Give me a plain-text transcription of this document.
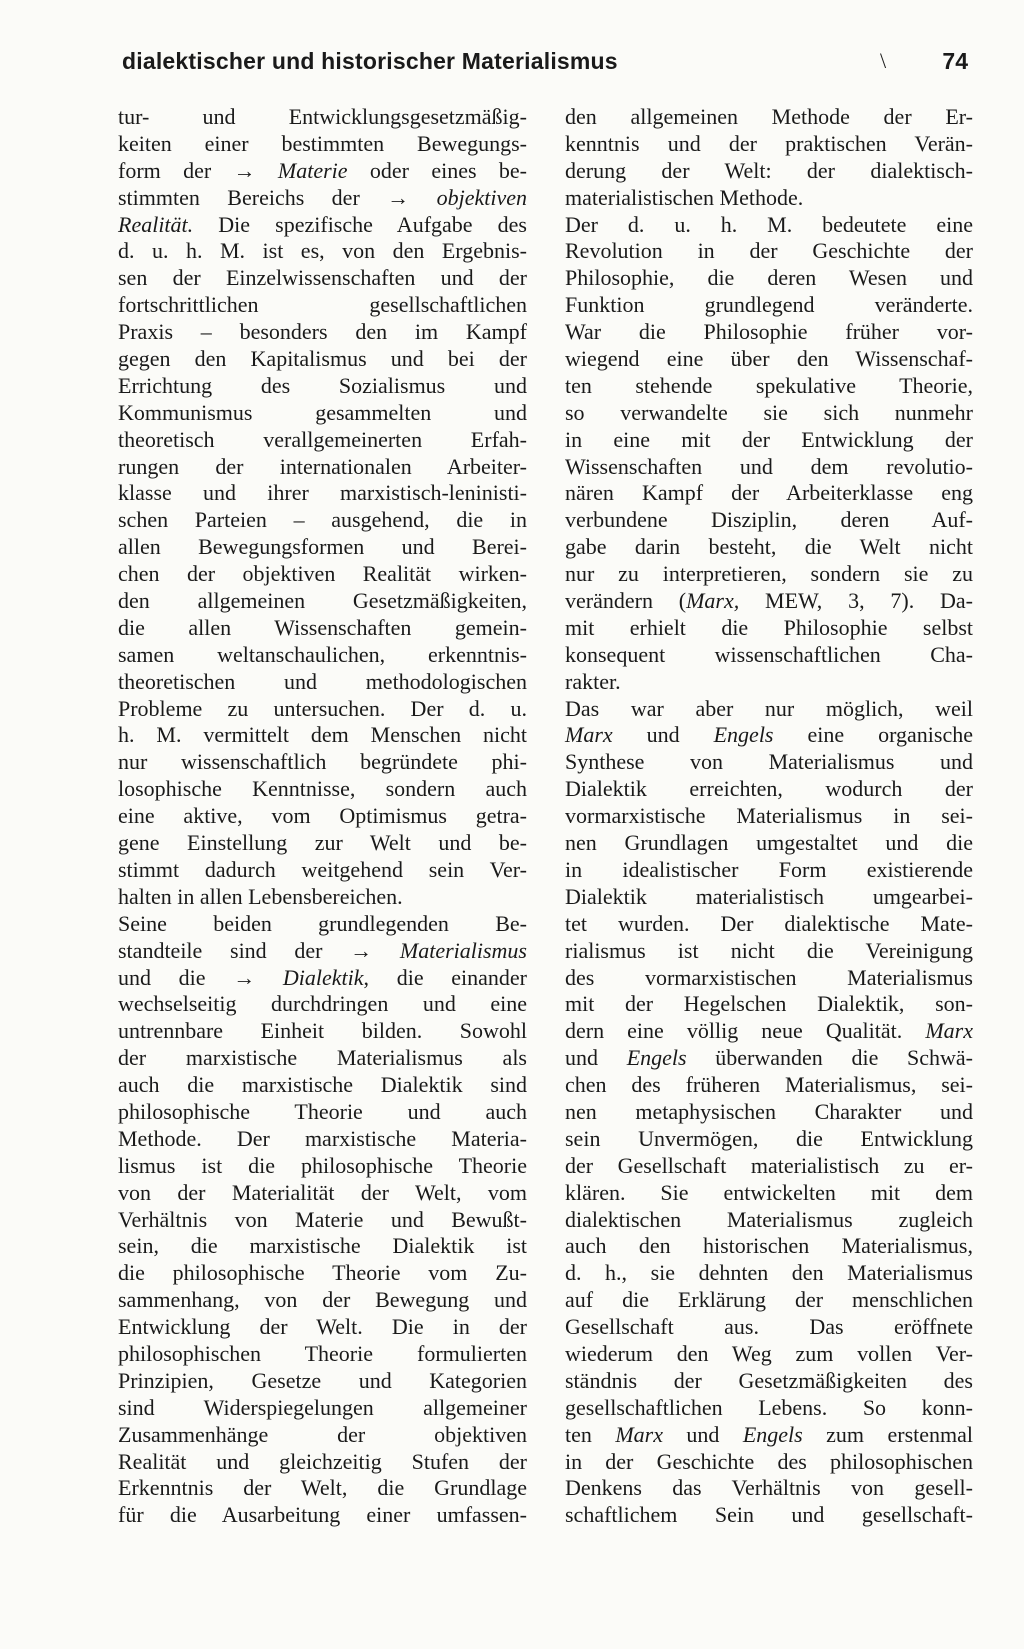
dialektischer und historischer Materialismus	\ 74
tur- und Entwicklungsgesetzmäßig-
keiten einer bestimmten Bewegungs-
form der → Materie oder eines be-
stimmten Bereichs der → objektiven
Realität. Die spezifische Aufgabe des
d. u. h. M. ist es, von den Ergebnis-
sen der Einzelwissenschaften und der
fortschrittlichen gesellschaftlichen
Praxis – besonders den im Kampf
gegen den Kapitalismus und bei der
Errichtung des Sozialismus und
Kommunismus gesammelten und
theoretisch verallgemeinerten Erfah-
rungen der internationalen Arbeiter-
klasse und ihrer marxistisch-leninisti-
schen Parteien – ausgehend, die in
allen Bewegungsformen und Berei-
chen der objektiven Realität wirken-
den allgemeinen Gesetzmäßigkeiten,
die allen Wissenschaften gemein-
samen weltanschaulichen, erkenntnis-
theoretischen und methodologischen
Probleme zu untersuchen. Der d. u.
h. M. vermittelt dem Menschen nicht
nur wissenschaftlich begründete phi-
losophische Kenntnisse, sondern auch
eine aktive, vom Optimismus getra-
gene Einstellung zur Welt und be-
stimmt dadurch weitgehend sein Ver-
halten in allen Lebensbereichen.
Seine beiden grundlegenden Be-
standteile sind der → Materialismus
und die → Dialektik, die einander
wechselseitig durchdringen und eine
untrennbare Einheit bilden. Sowohl
der marxistische Materialismus als
auch die marxistische Dialektik sind
philosophische Theorie und auch
Methode. Der marxistische Materia-
lismus ist die philosophische Theorie
von der Materialität der Welt, vom
Verhältnis von Materie und Bewußt-
sein, die marxistische Dialektik ist
die philosophische Theorie vom Zu-
sammenhang, von der Bewegung und
Entwicklung der Welt. Die in der
philosophischen Theorie formulierten
Prinzipien, Gesetze und Kategorien
sind Widerspiegelungen allgemeiner
Zusammenhänge der objektiven
Realität und gleichzeitig Stufen der
Erkenntnis der Welt, die Grundlage
für die Ausarbeitung einer umfassen-
den allgemeinen Methode der Er-
kenntnis und der praktischen Verän-
derung der Welt: der dialektisch-
materialistischen Methode.
Der d. u. h. M. bedeutete eine
Revolution in der Geschichte der
Philosophie, die deren Wesen und
Funktion grundlegend veränderte.
War die Philosophie früher vor-
wiegend eine über den Wissenschaf-
ten stehende spekulative Theorie,
so verwandelte sie sich nunmehr
in eine mit der Entwicklung der
Wissenschaften und dem revolutio-
nären Kampf der Arbeiterklasse eng
verbundene Disziplin, deren Auf-
gabe darin besteht, die Welt nicht
nur zu interpretieren, sondern sie zu
verändern (Marx, MEW, 3, 7). Da-
mit erhielt die Philosophie selbst
konsequent wissenschaftlichen Cha-
rakter.
Das war aber nur möglich, weil
Marx und Engels eine organische
Synthese von Materialismus und
Dialektik erreichten, wodurch der
vormarxistische Materialismus in sei-
nen Grundlagen umgestaltet und die
in idealistischer Form existierende
Dialektik materialistisch umgearbei-
tet wurden. Der dialektische Mate-
rialismus ist nicht die Vereinigung
des vormarxistischen Materialismus
mit der Hegelschen Dialektik, son-
dern eine völlig neue Qualität. Marx
und Engels überwanden die Schwä-
chen des früheren Materialismus, sei-
nen metaphysischen Charakter und
sein Unvermögen, die Entwicklung
der Gesellschaft materialistisch zu er-
klären. Sie entwickelten mit dem
dialektischen Materialismus zugleich
auch den historischen Materialismus,
d. h., sie dehnten den Materialismus
auf die Erklärung der menschlichen
Gesellschaft aus. Das eröffnete
wiederum den Weg zum vollen Ver-
ständnis der Gesetzmäßigkeiten des
gesellschaftlichen Lebens. So konn-
ten Marx und Engels zum erstenmal
in der Geschichte des philosophischen
Denkens das Verhältnis von gesell-
schaftlichem Sein und gesellschaft-
